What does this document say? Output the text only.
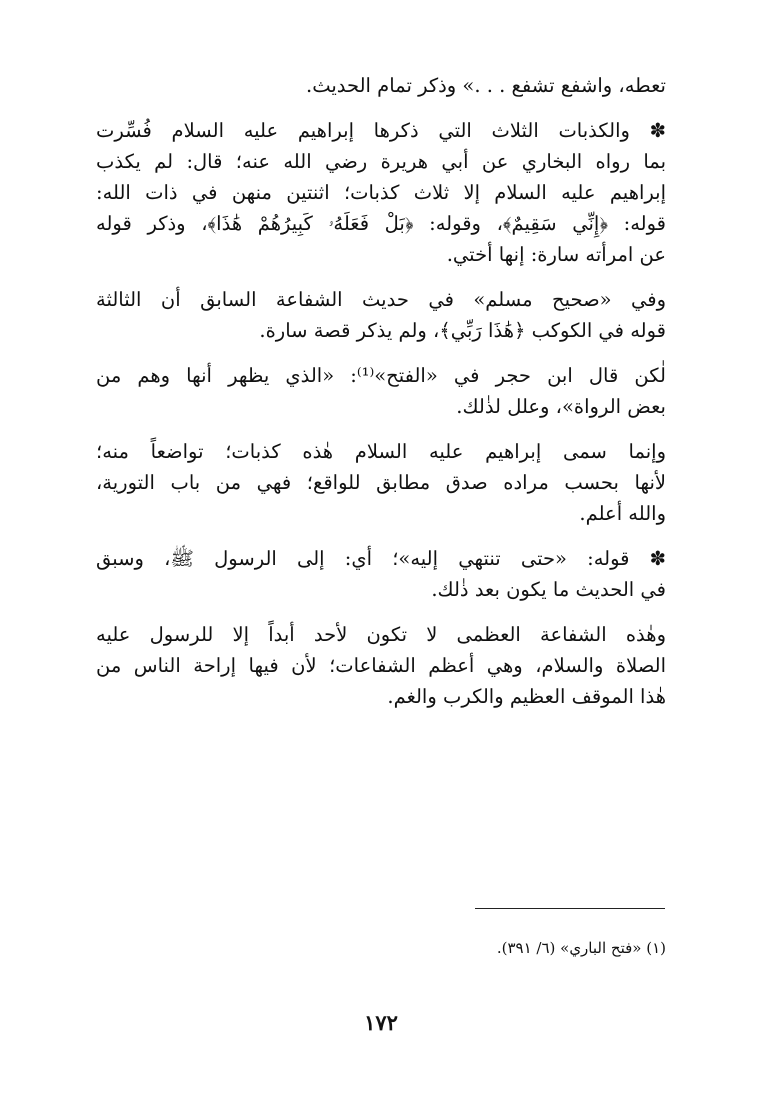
تعطه، واشفع تشفع . . .» وذكر تمام الحديث.
✽ والكذبات الثلاث التي ذكرها إبراهيم عليه السلام فُسِّرت
بما رواه البخاري عن أبي هريرة رضي الله عنه؛ قال: لم يكذب
إبراهيم عليه السلام إلا ثلاث كذبات؛ اثنتين منهن في ذات الله:
قوله: ﴿إِنِّي سَقِيمٌ﴾، وقوله: ﴿بَلْ فَعَلَهُۥ كَبِيرُهُمْ هَٰذَا﴾، وذكر قوله
عن امرأته سارة: إنها أختي.
وفي «صحيح مسلم» في حديث الشفاعة السابق أن الثالثة
قوله في الكوكب ﴿هَٰذَا رَبِّي﴾، ولم يذكر قصة سارة.
لٰكن قال ابن حجر في «الفتح»⁽¹⁾: «الذي يظهر أنها وهم من
بعض الرواة»، وعلل لذٰلك.
وإنما سمى إبراهيم عليه السلام هٰذه كذبات؛ تواضعاً منه؛
لأنها بحسب مراده صدق مطابق للواقع؛ فهي من باب التورية،
والله أعلم.
✽ قوله: «حتى تنتهي إليه»؛ أي: إلى الرسول ﷺ، وسبق
في الحديث ما يكون بعد ذٰلك.
وهٰذه الشفاعة العظمى لا تكون لأحد أبداً إلا للرسول عليه
الصلاة والسلام، وهي أعظم الشفاعات؛ لأن فيها إراحة الناس من
هٰذا الموقف العظيم والكرب والغم.
(١) «فتح الباري» (٦/ ٣٩١).
١٧٢
